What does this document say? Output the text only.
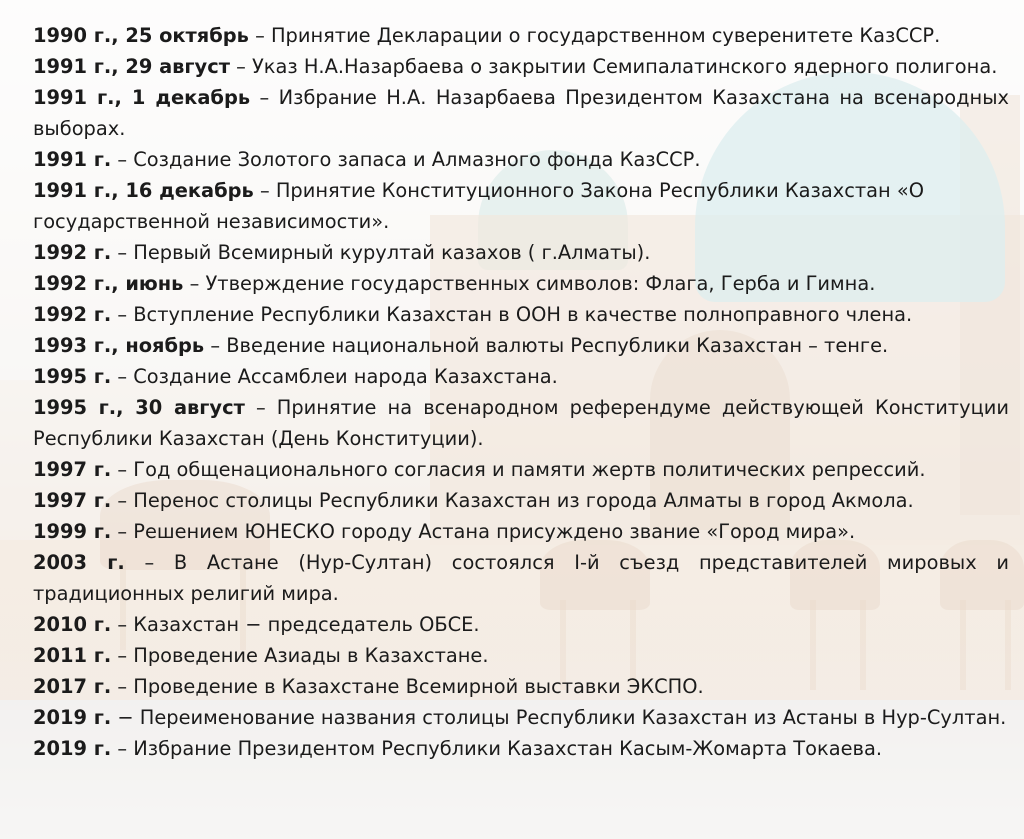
1990 г., 25 октябрь – Принятие Декларации о государственном суверенитете КазССР.
1991 г., 29 август – Указ Н.А.Назарбаева о закрытии Семипалатинского ядерного полигона.
1991 г., 1 декабрь – Избрание Н.А. Назарбаева Президентом Казахстана на всенародных выборах.
1991 г. – Создание Золотого запаса и Алмазного фонда КазССР.
1991 г., 16 декабрь – Принятие Конституционного Закона Республики Казахстан «О государственной независимости».
1992 г. – Первый Всемирный курултай казахов ( г.Алматы).
1992 г., июнь – Утверждение государственных символов: Флага, Герба и Гимна.
1992 г. – Вступление Республики Казахстан в ООН в качестве полноправного члена.
1993 г., ноябрь – Введение национальной валюты Республики Казахстан – тенге.
1995 г. – Создание Ассамблеи народа Казахстана.
1995 г., 30 август – Принятие на всенародном референдуме действующей Конституции Республики Казахстан (День Конституции).
1997 г. – Год общенационального согласия и памяти жертв политических репрессий.
1997 г. – Перенос столицы Республики Казахстан из города Алматы в город Акмола.
1999 г. – Решением ЮНЕСКО городу Астана присуждено звание «Город мира».
2003 г. – В Астане (Нур-Султан) состоялся I-й съезд представителей мировых и традиционных религий мира.
2010 г. – Казахстан − председатель ОБСЕ.
2011 г. – Проведение Азиады в Казахстане.
2017 г. – Проведение в Казахстане Всемирной выставки ЭКСПО.
2019 г. − Переименование названия столицы Республики Казахстан из Астаны в Нур-Султан.
2019 г. – Избрание Президентом Республики Казахстан Касым-Жомарта Токаева.
